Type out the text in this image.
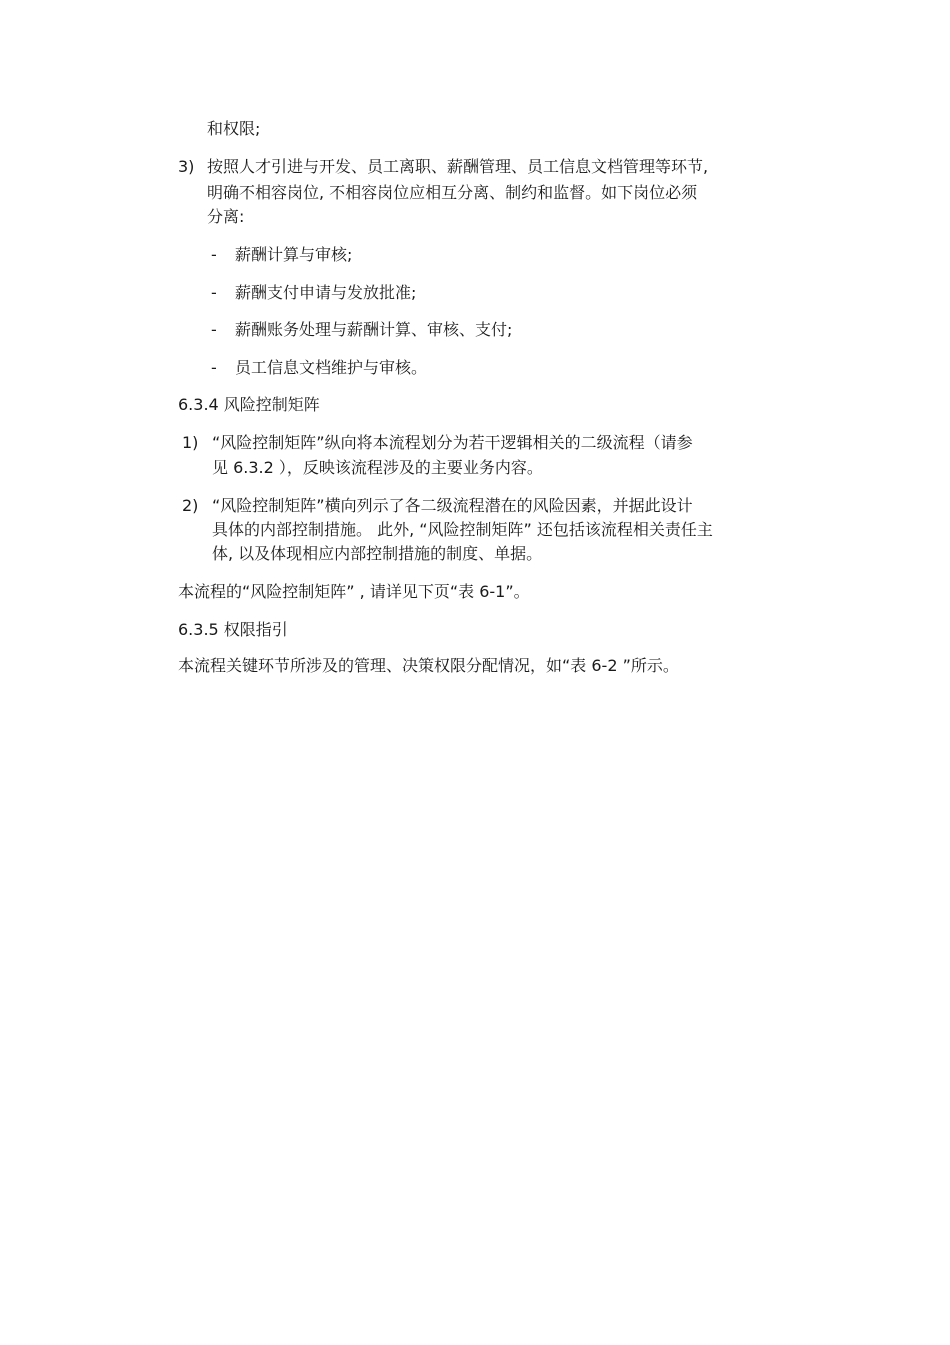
和权限;
3) 按照人才引进与开发、员工离职、薪酬管理、员工信息文档管理等环节,
明确不相容岗位, 不相容岗位应相互分离、制约和监督。如下岗位必须
分离:
- 薪酬计算与审核;
- 薪酬支付申请与发放批准;
- 薪酬账务处理与薪酬计算、审核、支付;
- 员工信息文档维护与审核。
6.3.4 风险控制矩阵
1) “风险控制矩阵”纵向将本流程划分为若干逻辑相关的二级流程（请参
见 6.3.2 ），反映该流程涉及的主要业务内容。
2) “风险控制矩阵”横向列示了各二级流程潜在的风险因素，并据此设计
具体的内部控制措施。 此外, “风险控制矩阵” 还包括该流程相关责任主
体, 以及体现相应内部控制措施的制度、单据。
本流程的“风险控制矩阵” , 请详见下页“表 6-1”。
6.3.5 权限指引
本流程关键环节所涉及的管理、决策权限分配情况，如“表 6-2 ”所示。
